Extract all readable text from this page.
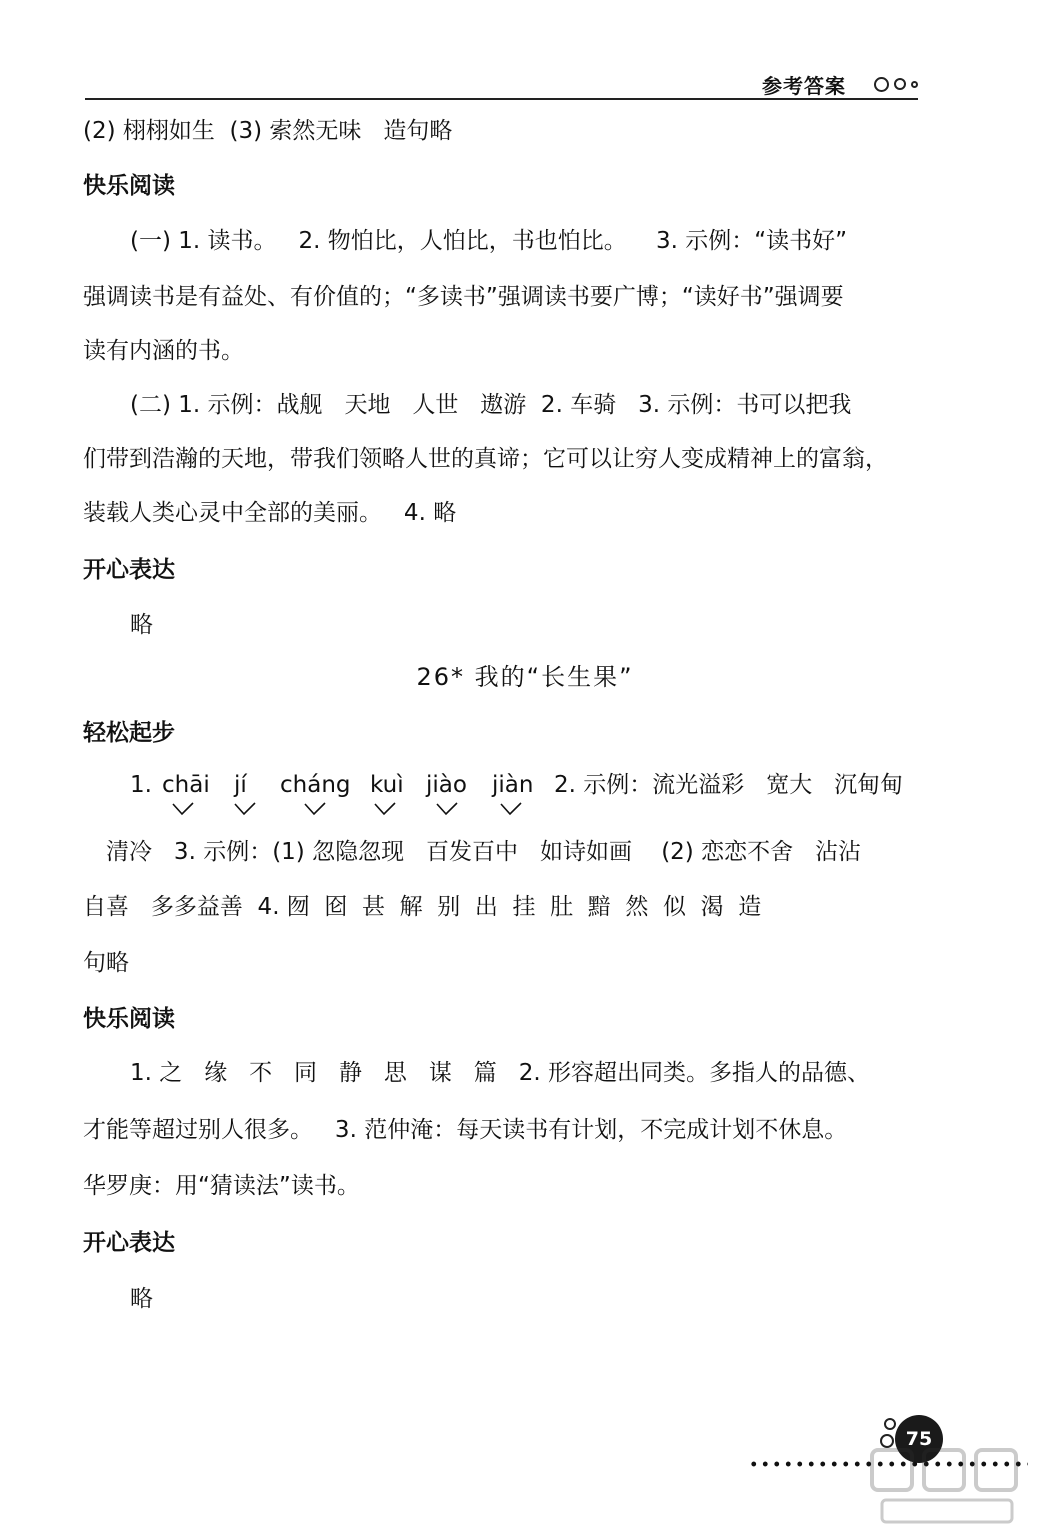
参考答案
(2) 栩栩如生  (3) 索然无味   造句略
快乐阅读
(一) 1. 读书。   2. 物怕比，人怕比，书也怕比。    3. 示例：“读书好”
强调读书是有益处、有价值的；“多读书”强调读书要广博；“读好书”强调要
读有内涵的书。
(二) 1. 示例：战舰   天地   人世   遨游  2. 车骑   3. 示例：书可以把我
们带到浩瀚的天地，带我们领略人世的真谛；它可以让穷人变成精神上的富翁，
装载人类心灵中全部的美丽。   4. 略
开心表达
略
26* 我的“长生果”
轻松起步
1. chāi jí cháng kuì jiào jiàn 2. 示例：流光溢彩   宽大   沉甸甸
清冷   3. 示例：(1) 忽隐忽现   百发百中   如诗如画    (2) 恋恋不舍   沾沾
自喜   多多益善  4. 囫  囵  甚  解  别  出  挂  肚  黯  然  似  渴  造
句略
快乐阅读
1. 之   缘   不   同   静   思   谋   篇   2. 形容超出同类。多指人的品德、
才能等超过别人很多。   3. 范仲淹：每天读书有计划，不完成计划不休息。
华罗庚：用“猜读法”读书。
开心表达
略
75
